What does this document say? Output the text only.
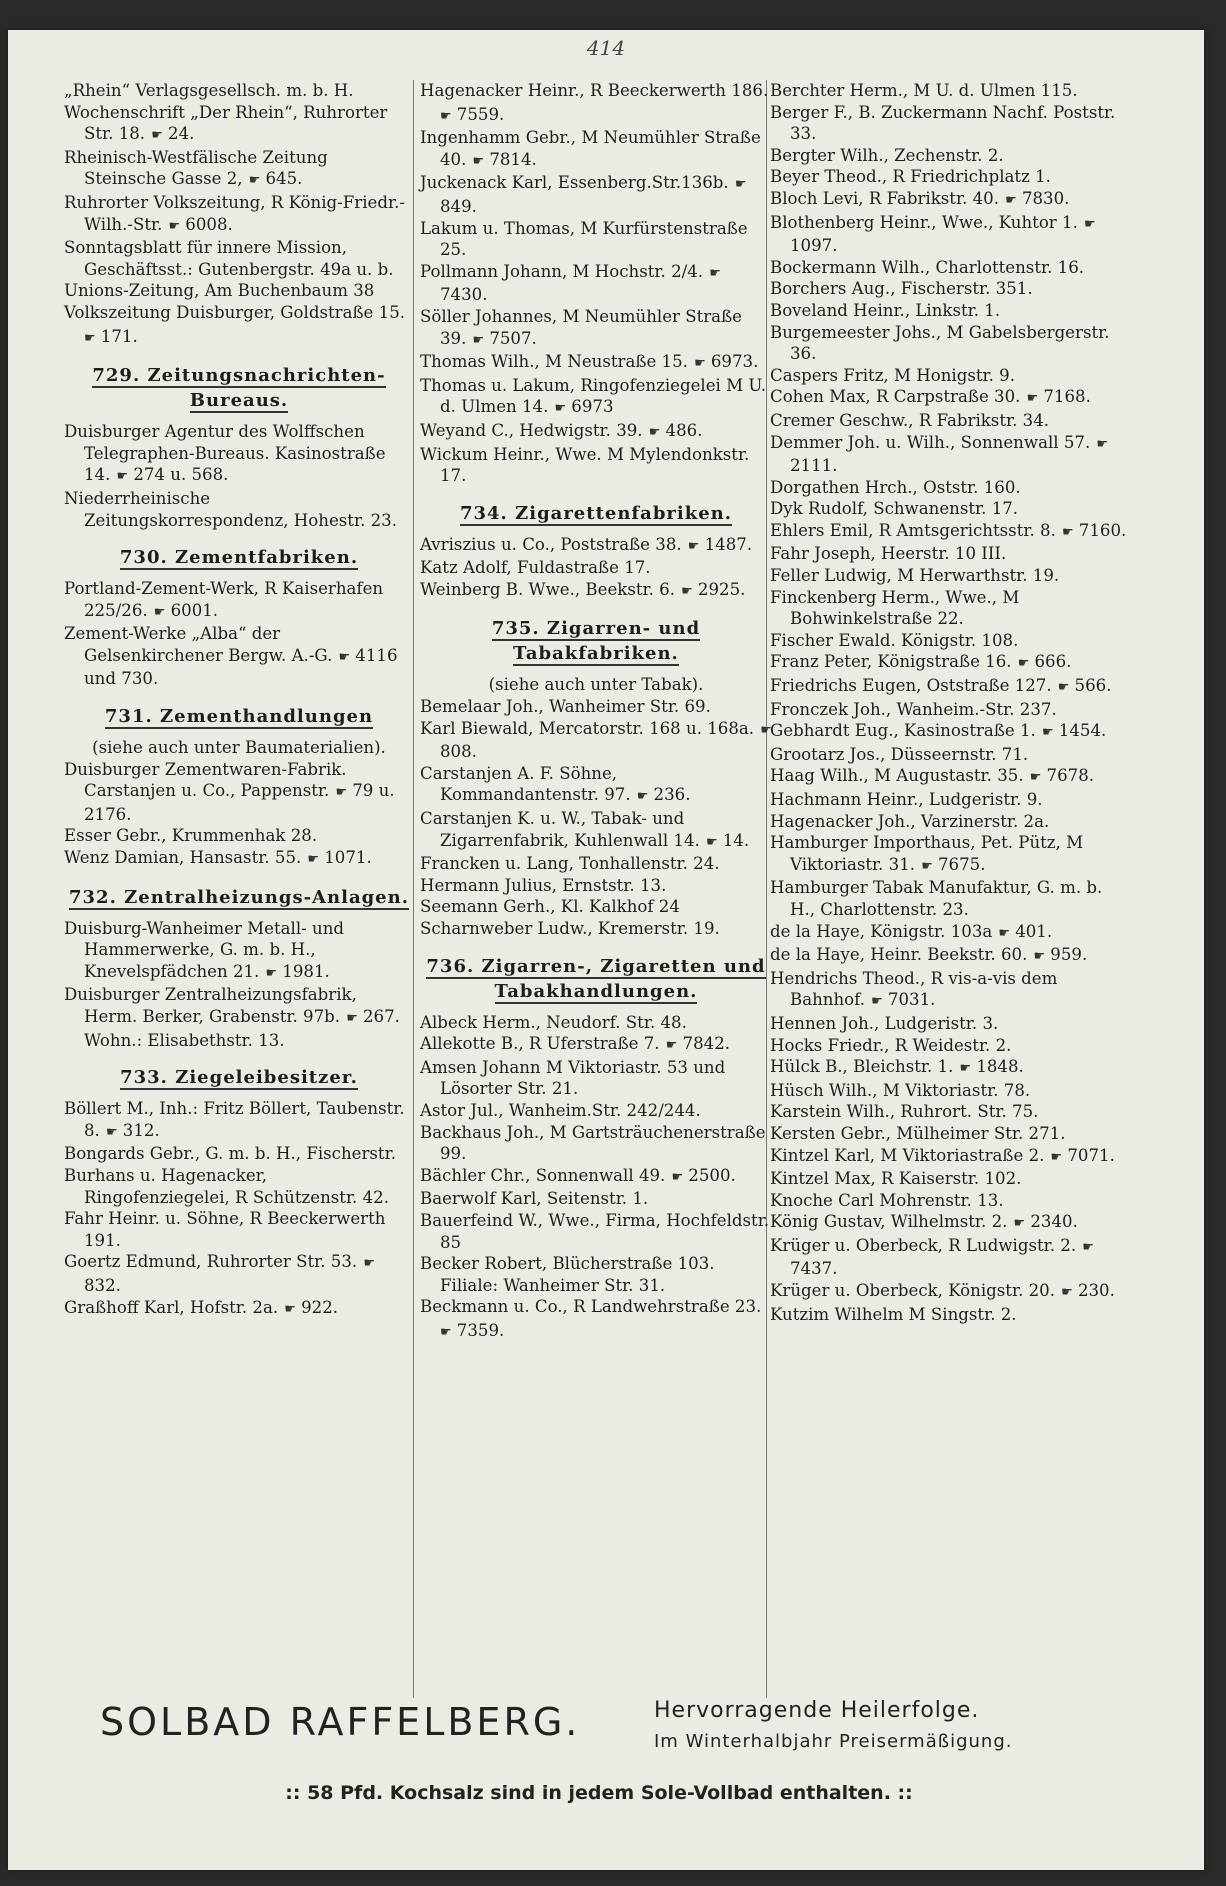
414

„Rhein“ Verlagsgesellsch. m. b. H.

Wochenschrift „Der Rhein“, Ruhrorter Str. 18. ☛ 24.

Rheinisch-Westfälische Zeitung Steinsche Gasse 2, ☛ 645.

Ruhrorter Volkszeitung, R König-Friedr.-Wilh.-Str. ☛ 6008.

Sonntagsblatt für innere Mission, Geschäftsst.: Gutenbergstr. 49a u. b.

Unions-Zeitung, Am Buchenbaum 38

Volkszeitung Duisburger, Goldstraße 15. ☛ 171.

729. Zeitungsnachrichten-Bureaus.

Duisburger Agentur des Wolffschen Telegraphen-Bureaus. Kasinostraße 14. ☛ 274 u. 568.

Niederrheinische Zeitungskorrespondenz, Hohestr. 23.

730. Zementfabriken.

Portland-Zement-Werk, R Kaiserhafen 225/26. ☛ 6001.

Zement-Werke „Alba“ der Gelsenkirchener Bergw. A.-G. ☛ 4116 und 730.

731. Zementhandlungen

(siehe auch unter Baumaterialien).

Duisburger Zementwaren-Fabrik. Carstanjen u. Co., Pappenstr. ☛ 79 u. 2176.

Esser Gebr., Krummenhak 28.

Wenz Damian, Hansastr. 55. ☛ 1071.

732. Zentralheizungs-Anlagen.

Duisburg-Wanheimer Metall- und Hammerwerke, G. m. b. H., Knevelspfädchen 21. ☛ 1981.

Duisburger Zentralheizungsfabrik, Herm. Berker, Grabenstr. 97b. ☛ 267. Wohn.: Elisabethstr. 13.

733. Ziegeleibesitzer.

Böllert M., Inh.: Fritz Böllert, Taubenstr. 8. ☛ 312.

Bongards Gebr., G. m. b. H., Fischerstr.

Burhans u. Hagenacker, Ringofenziegelei, R Schützenstr. 42.

Fahr Heinr. u. Söhne, R Beeckerwerth 191.

Goertz Edmund, Ruhrorter Str. 53. ☛ 832.

Graßhoff Karl, Hofstr. 2a. ☛ 922.

Hagenacker Heinr., R Beeckerwerth 186. ☛ 7559.

Ingenhamm Gebr., M Neumühler Straße 40. ☛ 7814.

Juckenack Karl, Essenberg.Str.136b. ☛ 849.

Lakum u. Thomas, M Kurfürstenstraße 25.

Pollmann Johann, M Hochstr. 2/4. ☛ 7430.

Söller Johannes, M Neumühler Straße 39. ☛ 7507.

Thomas Wilh., M Neustraße 15. ☛ 6973.

Thomas u. Lakum, Ringofenziegelei M U. d. Ulmen 14. ☛ 6973

Weyand C., Hedwigstr. 39. ☛ 486.

Wickum Heinr., Wwe. M Mylendonkstr. 17.

734. Zigarettenfabriken.

Avriszius u. Co., Poststraße 38. ☛ 1487.

Katz Adolf, Fuldastraße 17.

Weinberg B. Wwe., Beekstr. 6. ☛ 2925.

735. Zigarren- und Tabakfabriken.

(siehe auch unter Tabak).

Bemelaar Joh., Wanheimer Str. 69.

Karl Biewald, Mercatorstr. 168 u. 168a. ☛ 808.

Carstanjen A. F. Söhne, Kommandantenstr. 97. ☛ 236.

Carstanjen K. u. W., Tabak- und Zigarrenfabrik, Kuhlenwall 14. ☛ 14.

Francken u. Lang, Tonhallenstr. 24.

Hermann Julius, Ernststr. 13.

Seemann Gerh., Kl. Kalkhof 24

Scharnweber Ludw., Kremerstr. 19.

736. Zigarren-, Zigaretten und Tabakhandlungen.

Albeck Herm., Neudorf. Str. 48.

Allekotte B., R Uferstraße 7. ☛ 7842.

Amsen Johann M Viktoriastr. 53 und Lösorter Str. 21.

Astor Jul., Wanheim.Str. 242/244.

Backhaus Joh., M Gartsträuchenerstraße 99.

Bächler Chr., Sonnenwall 49. ☛ 2500.

Baerwolf Karl, Seitenstr. 1.

Bauerfeind W., Wwe., Firma, Hochfeldstr. 85

Becker Robert, Blücherstraße 103. Filiale: Wanheimer Str. 31.

Beckmann u. Co., R Landwehrstraße 23. ☛ 7359.

Berchter Herm., M U. d. Ulmen 115.

Berger F., B. Zuckermann Nachf. Poststr. 33.

Bergter Wilh., Zechenstr. 2.

Beyer Theod., R Friedrichplatz 1.

Bloch Levi, R Fabrikstr. 40. ☛ 7830.

Blothenberg Heinr., Wwe., Kuhtor 1. ☛ 1097.

Bockermann Wilh., Charlottenstr. 16.

Borchers Aug., Fischerstr. 351.

Boveland Heinr., Linkstr. 1.

Burgemeester Johs., M Gabelsbergerstr. 36.

Caspers Fritz, M Honigstr. 9.

Cohen Max, R Carpstraße 30. ☛ 7168.

Cremer Geschw., R Fabrikstr. 34.

Demmer Joh. u. Wilh., Sonnenwall 57. ☛ 2111.

Dorgathen Hrch., Oststr. 160.

Dyk Rudolf, Schwanenstr. 17.

Ehlers Emil, R Amtsgerichtsstr. 8. ☛ 7160.

Fahr Joseph, Heerstr. 10 III.

Feller Ludwig, M Herwarthstr. 19.

Finckenberg Herm., Wwe., M Bohwinkelstraße 22.

Fischer Ewald. Königstr. 108.

Franz Peter, Königstraße 16. ☛ 666.

Friedrichs Eugen, Oststraße 127. ☛ 566.

Fronczek Joh., Wanheim.-Str. 237.

Gebhardt Eug., Kasinostraße 1. ☛ 1454.

Grootarz Jos., Düsseernstr. 71.

Haag Wilh., M Augustastr. 35. ☛ 7678.

Hachmann Heinr., Ludgeristr. 9.

Hagenacker Joh., Varzinerstr. 2a.

Hamburger Importhaus, Pet. Pütz, M Viktoriastr. 31. ☛ 7675.

Hamburger Tabak Manufaktur, G. m. b. H., Charlottenstr. 23.

de la Haye, Königstr. 103a ☛ 401.

de la Haye, Heinr. Beekstr. 60. ☛ 959.

Hendrichs Theod., R vis-a-vis dem Bahnhof. ☛ 7031.

Hennen Joh., Ludgeristr. 3.

Hocks Friedr., R Weidestr. 2.

Hülck B., Bleichstr. 1. ☛ 1848.

Hüsch Wilh., M Viktoriastr. 78.

Karstein Wilh., Ruhrort. Str. 75.

Kersten Gebr., Mülheimer Str. 271.

Kintzel Karl, M Viktoriastraße 2. ☛ 7071.

Kintzel Max, R Kaiserstr. 102.

Knoche Carl Mohrenstr. 13.

König Gustav, Wilhelmstr. 2. ☛ 2340.

Krüger u. Oberbeck, R Ludwigstr. 2. ☛ 7437.

Krüger u. Oberbeck, Königstr. 20. ☛ 230.

Kutzim Wilhelm M Singstr. 2.

SOLBAD RAFFELBERG.	Hervorragende Heilerfolge.
Im Winterhalbjahr Preisermäßigung.
:: 58 Pfd. Kochsalz sind in jedem Sole-Vollbad enthalten. ::
